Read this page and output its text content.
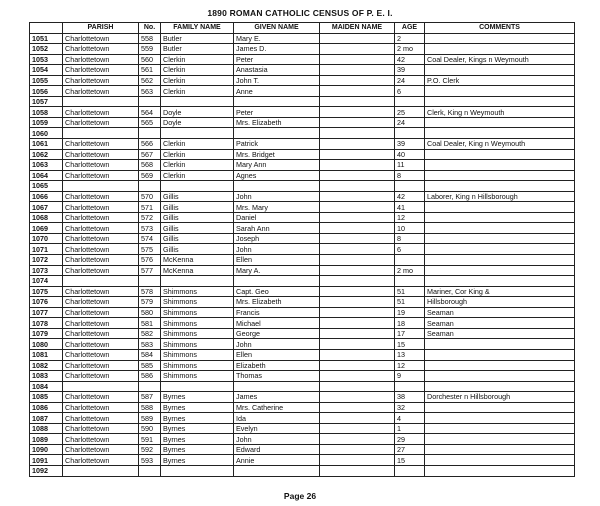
1890 ROMAN CATHOLIC CENSUS OF P. E. I.
	PARISH	No.	FAMILY NAME	GIVEN NAME	MAIDEN NAME	AGE	COMMENTS
1051	Charlottetown	558	Butler	Mary E.		2	
1052	Charlottetown	559	Butler	James D.		2 mo	
1053	Charlottetown	560	Clerkin	Peter		42	Coal Dealer, Kings n Weymouth
1054	Charlottetown	561	Clerkin	Anastasia		39	
1055	Charlottetown	562	Clerkin	John T.		24	P.O. Clerk
1056	Charlottetown	563	Clerkin	Anne		6	
1057							
1058	Charlottetown	564	Doyle	Peter		25	Clerk, King n Weymouth
1059	Charlottetown	565	Doyle	Mrs. Elizabeth		24	
1060							
1061	Charlottetown	566	Clerkin	Patrick		39	Coal Dealer, King n Weymouth
1062	Charlottetown	567	Clerkin	Mrs. Bridget		40	
1063	Charlottetown	568	Clerkin	Mary Ann		11	
1064	Charlottetown	569	Clerkin	Agnes		8	
1065							
1066	Charlottetown	570	Gillis	John		42	Laborer, King n Hillsborough
1067	Charlottetown	571	Gillis	Mrs. Mary		41	
1068	Charlottetown	572	Gillis	Daniel		12	
1069	Charlottetown	573	Gillis	Sarah Ann		10	
1070	Charlottetown	574	Gillis	Joseph		8	
1071	Charlottetown	575	Gillis	John		6	
1072	Charlottetown	576	McKenna	Ellen			
1073	Charlottetown	577	McKenna	Mary A.		2 mo	
1074							
1075	Charlottetown	578	Shimmons	Capt. Geo		51	Mariner, Cor King &
1076	Charlottetown	579	Shimmons	Mrs. Elizabeth		51	Hillsborough
1077	Charlottetown	580	Shimmons	Francis		19	Seaman
1078	Charlottetown	581	Shimmons	Michael		18	Seaman
1079	Charlottetown	582	Shimmons	George		17	Seaman
1080	Charlottetown	583	Shimmons	John		15	
1081	Charlottetown	584	Shimmons	Ellen		13	
1082	Charlottetown	585	Shimmons	Elizabeth		12	
1083	Charlottetown	586	Shimmons	Thomas		9	
1084							
1085	Charlottetown	587	Byrnes	James		38	Dorchester n Hillsborough
1086	Charlottetown	588	Byrnes	Mrs. Catherine		32	
1087	Charlottetown	589	Byrnes	Ida		4	
1088	Charlottetown	590	Byrnes	Evelyn		1	
1089	Charlottetown	591	Byrnes	John		29	
1090	Charlottetown	592	Byrnes	Edward		27	
1091	Charlottetown	593	Byrnes	Annie		15	
1092							
Page 26
